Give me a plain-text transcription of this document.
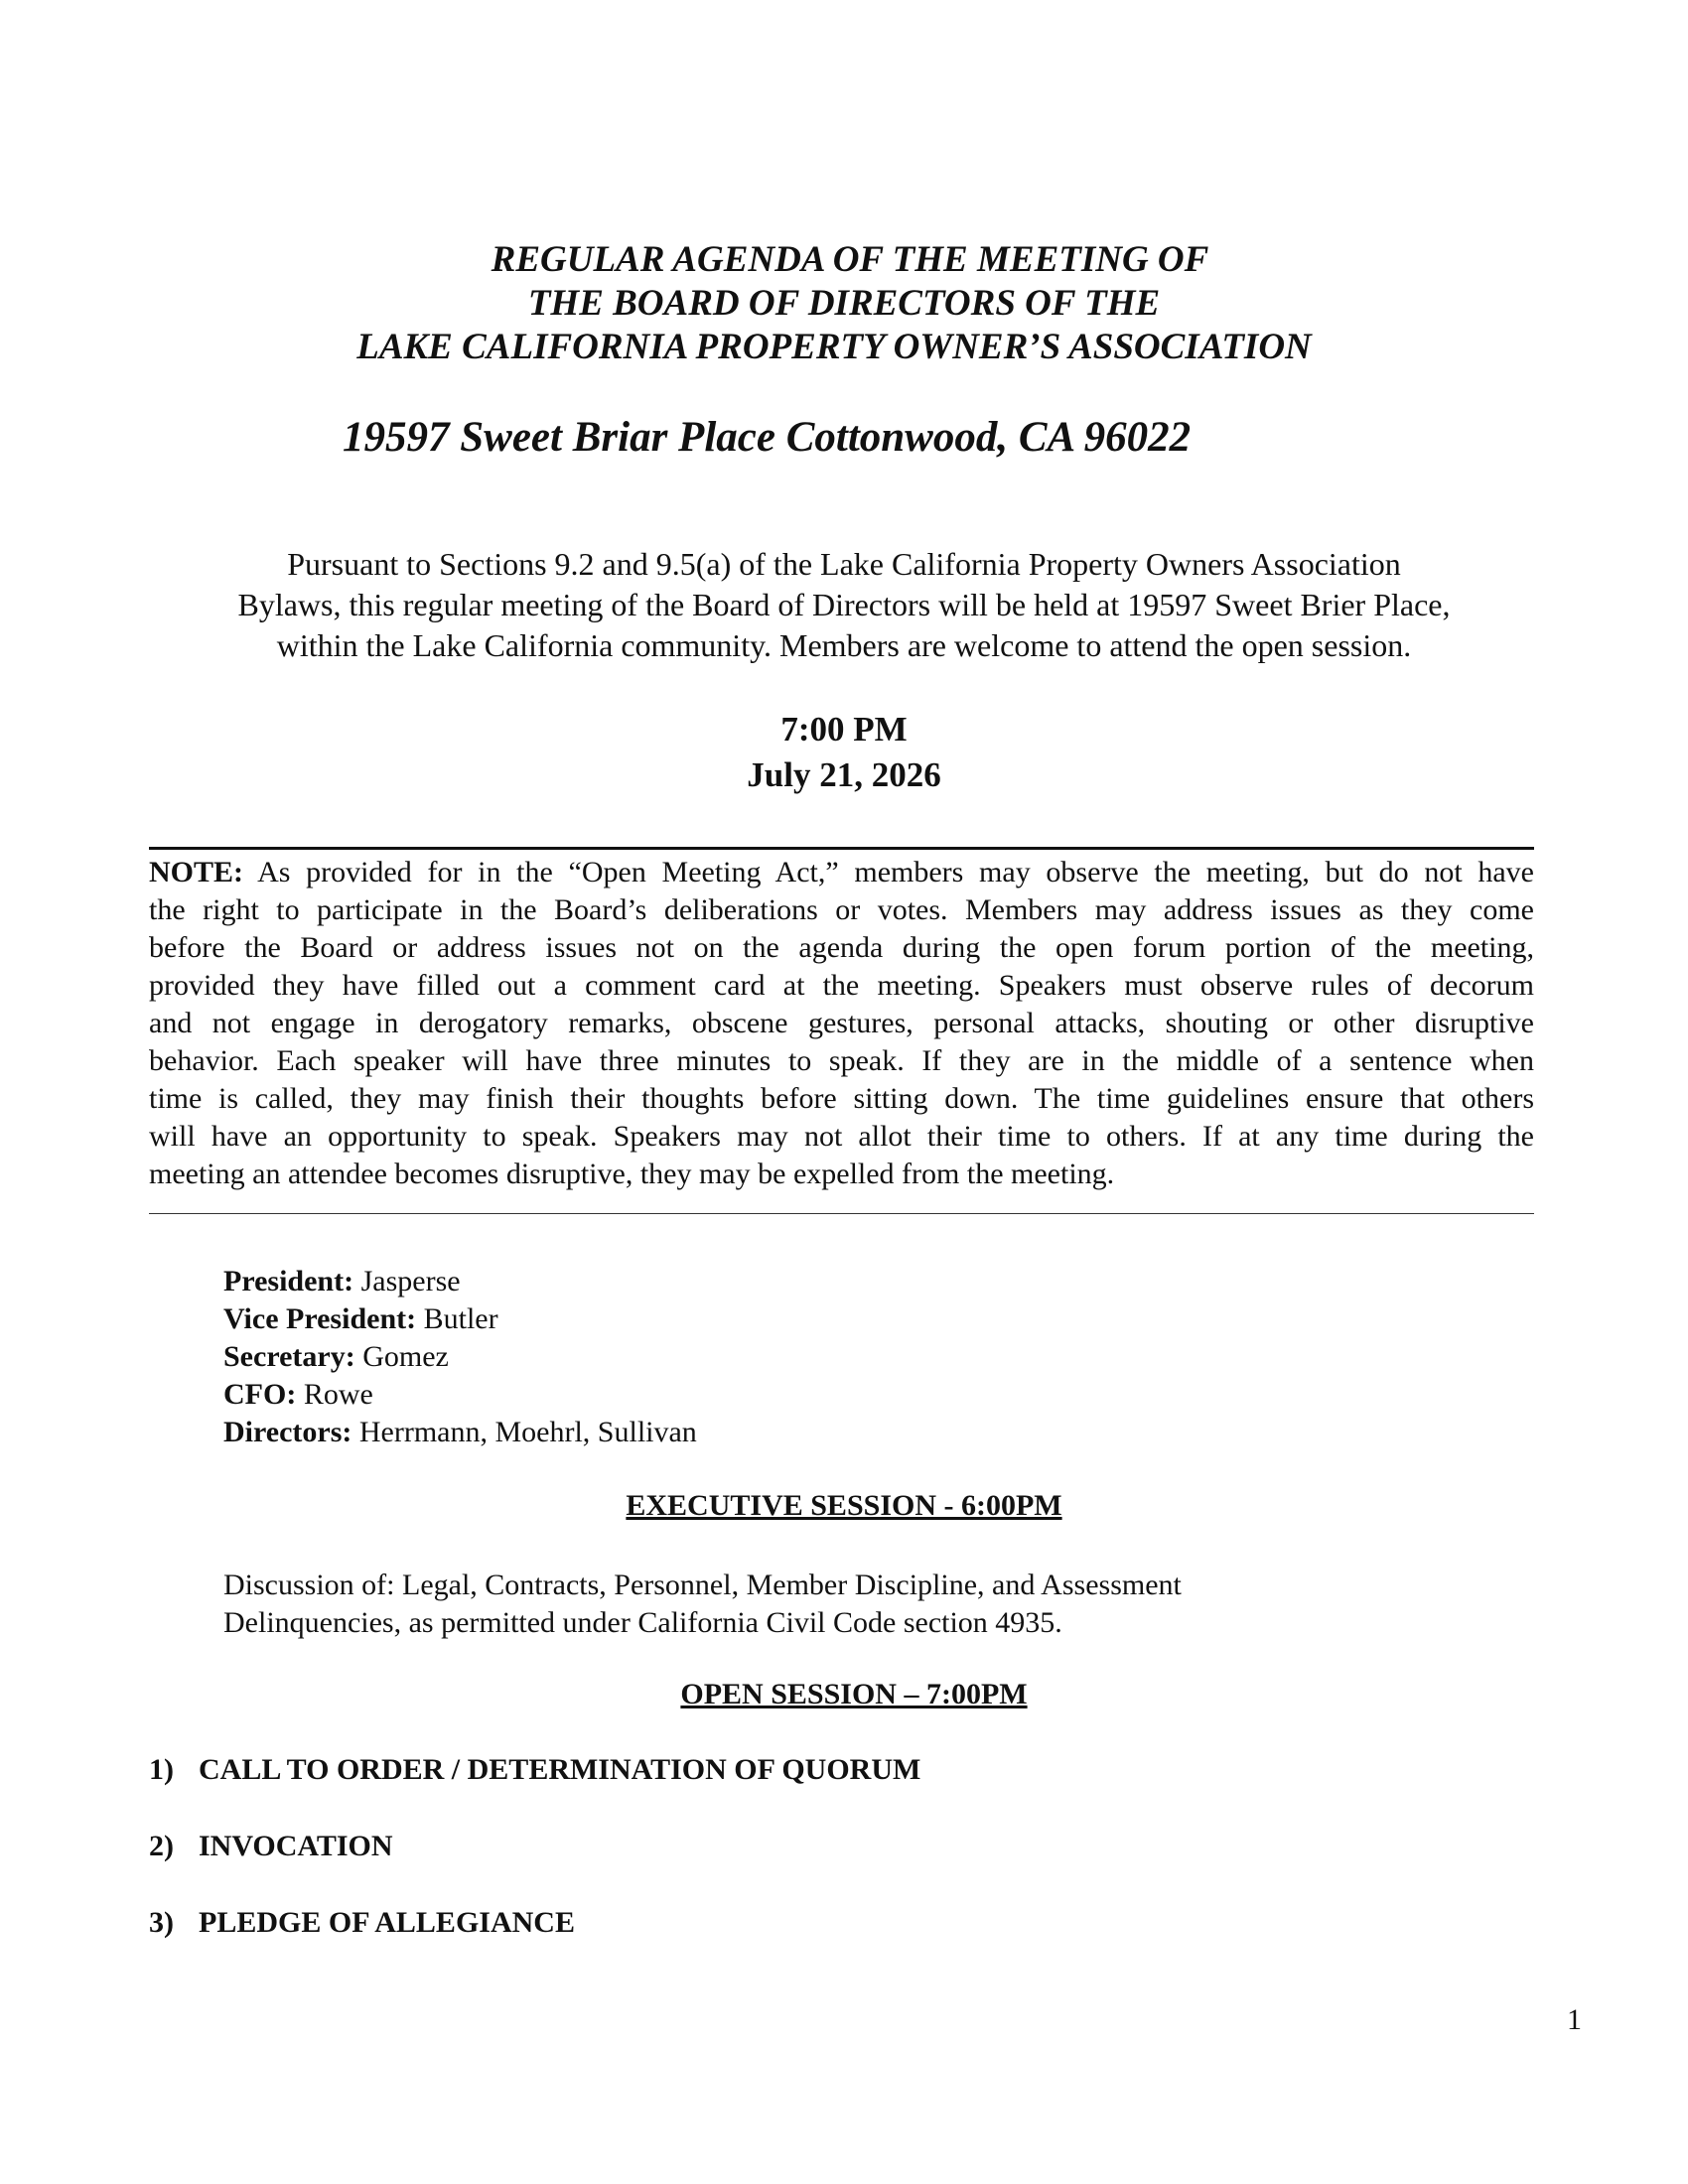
REGULAR AGENDA OF THE MEETING OF
THE BOARD OF DIRECTORS OF THE
LAKE CALIFORNIA PROPERTY OWNER’S ASSOCIATION
19597 Sweet Briar Place Cottonwood, CA 96022
Pursuant to Sections 9.2 and 9.5(a) of the Lake California Property Owners Association
Bylaws, this regular meeting of the Board of Directors will be held at 19597 Sweet Brier Place,
within the Lake California community. Members are welcome to attend the open session.
7:00 PM
July 21, 2026
NOTE: As provided for in the “Open Meeting Act,” members may observe the meeting, but do not have
the right to participate in the Board’s deliberations or votes. Members may address issues as they come
before the Board or address issues not on the agenda during the open forum portion of the meeting,
provided they have filled out a comment card at the meeting. Speakers must observe rules of decorum
and not engage in derogatory remarks, obscene gestures, personal attacks, shouting or other disruptive
behavior. Each speaker will have three minutes to speak. If they are in the middle of a sentence when
time is called, they may finish their thoughts before sitting down. The time guidelines ensure that others
will have an opportunity to speak. Speakers may not allot their time to others. If at any time during the
meeting an attendee becomes disruptive, they may be expelled from the meeting.
President: Jasperse
Vice President: Butler
Secretary: Gomez
CFO: Rowe
Directors: Herrmann, Moehrl, Sullivan
EXECUTIVE SESSION - 6:00PM
Discussion of: Legal, Contracts, Personnel, Member Discipline, and Assessment
Delinquencies, as permitted under California Civil Code section 4935.
OPEN SESSION – 7:00PM
1) CALL TO ORDER / DETERMINATION OF QUORUM
2) INVOCATION
3) PLEDGE OF ALLEGIANCE
1
